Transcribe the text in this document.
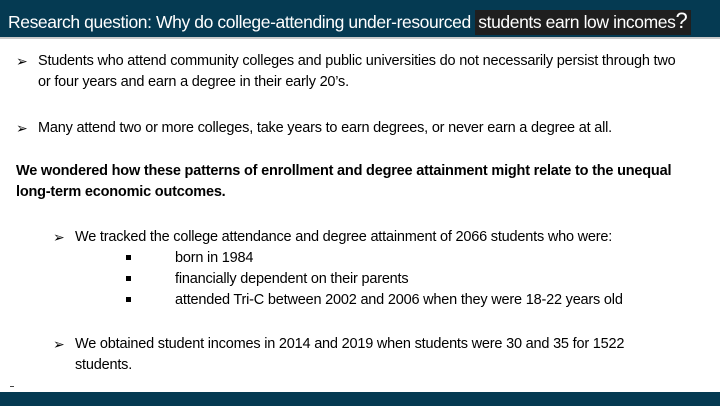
Research question: Why do college-attending under-resourced students earn low incomes?
➢ Students who attend community colleges and public universities do not necessarily persist through two
or four years and earn a degree in their early 20’s.
➢ Many attend two or more colleges, take years to earn degrees, or never earn a degree at all.
We wondered how these patterns of enrollment and degree attainment might relate to the unequal
long-term economic outcomes.
➢ We tracked the college attendance and degree attainment of 2066 students who were:
born in 1984
financially dependent on their parents
attended Tri-C between 2002 and 2006 when they were 18-22 years old
➢ We obtained student incomes in 2014 and 2019 when students were 30 and 35 for 1522
students.
